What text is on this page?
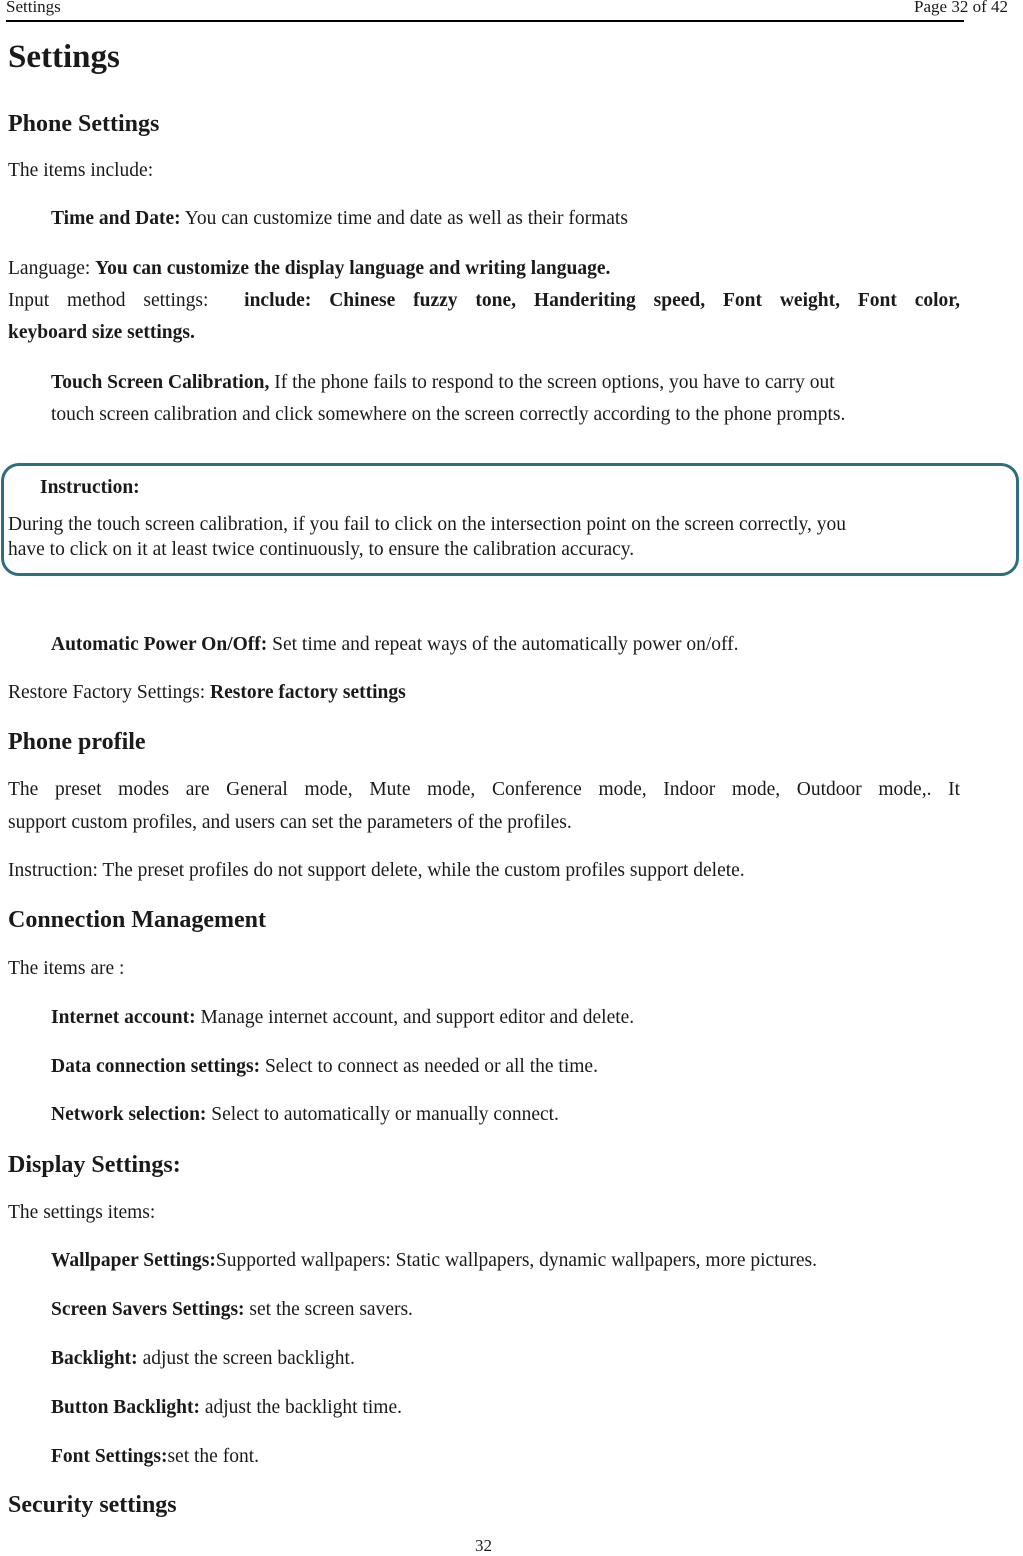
Settings	Page 32 of 42
Settings
Phone Settings
The items include:
Time and Date: You can customize time and date as well as their formats
Language: You can customize the display language and writing language.
Input method settings: include: Chinese fuzzy tone, Handeriting speed, Font weight, Font color,
keyboard size settings.
Touch Screen Calibration, If the phone fails to respond to the screen options, you have to carry out
touch screen calibration and click somewhere on the screen correctly according to the phone prompts.
Instruction:
During the touch screen calibration, if you fail to click on the intersection point on the screen correctly, you
have to click on it at least twice continuously, to ensure the calibration accuracy.
Automatic Power On/Off: Set time and repeat ways of the automatically power on/off.
Restore Factory Settings: Restore factory settings
Phone profile
The preset modes are General mode, Mute mode, Conference mode, Indoor mode, Outdoor mode,. It
support custom profiles, and users can set the parameters of the profiles.
Instruction: The preset profiles do not support delete, while the custom profiles support delete.
Connection Management
The items are :
Internet account: Manage internet account, and support editor and delete.
Data connection settings: Select to connect as needed or all the time.
Network selection: Select to automatically or manually connect.
Display Settings:
The settings items:
Wallpaper Settings:Supported wallpapers: Static wallpapers, dynamic wallpapers, more pictures.
Screen Savers Settings: set the screen savers.
Backlight: adjust the screen backlight.
Button Backlight: adjust the backlight time.
Font Settings:set the font.
Security settings
32
